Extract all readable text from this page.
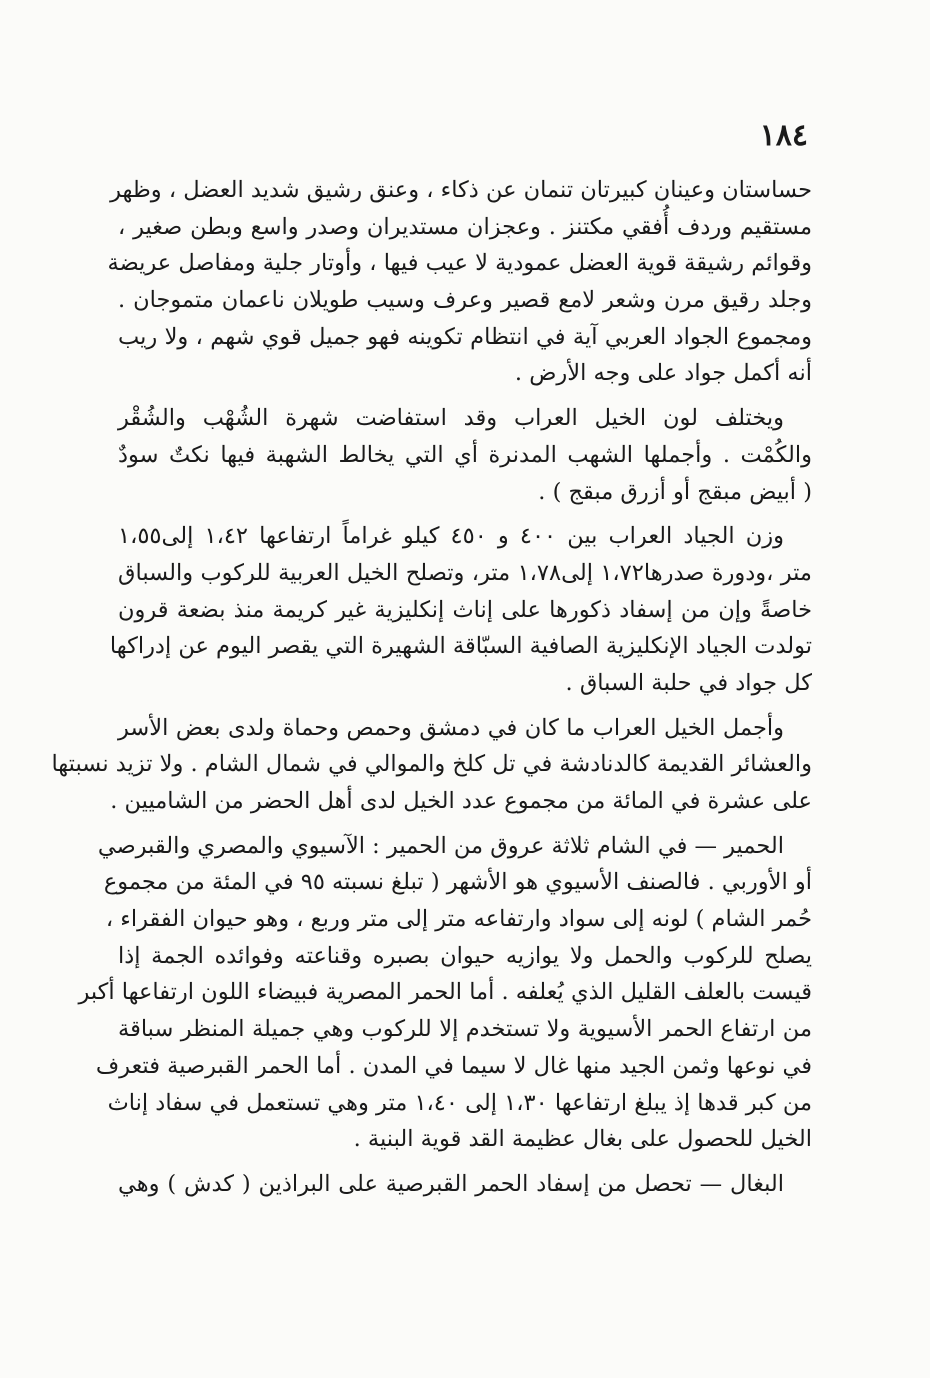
١٨٤
حساستان وعينان كبيرتان تنمان عن ذكاء ، وعنق رشيق شديد العضل ، وظهر
مستقيم وردف أُفقي مكتنز . وعجزان مستديران وصدر واسع وبطن صغير ،
وقوائم رشيقة قوية العضل عمودية لا عيب فيها ، وأوتار جلية ومفاصل عريضة
وجلد رقيق مرن وشعر لامع قصير وعرف وسيب طويلان ناعمان متموجان .
ومجموع الجواد العربي آية في انتظام تكوينه فهو جميل قوي شهم ، ولا ريب
أنه أكمل جواد على وجه الأرض .
ويختلف لون الخيل العراب وقد استفاضت شهرة الشُهْب والشُقْر
والكُمْت . وأجملها الشهب المدنرة أي التي يخالط الشهبة فيها نكتٌ سودٌ
( أبيض مبقج أو أزرق مبقج ) .
وزن الجياد العراب بين ٤٠٠ و ٤٥٠ كيلو غراماً ارتفاعها ١،٤٢ إلى١،٥٥
متر ،ودورة صدرها١،٧٢ إلى١،٧٨ متر، وتصلح الخيل العربية للركوب والسباق
خاصةً وإن من إسفاد ذكورها على إناث إنكليزية غير كريمة منذ بضعة قرون
تولدت الجياد الإنكليزية الصافية السبّاقة الشهيرة التي يقصر اليوم عن إدراكها
كل جواد في حلبة السباق .
وأجمل الخيل العراب ما كان في دمشق وحمص وحماة ولدى بعض الأسر
والعشائر القديمة كالدنادشة في تل كلخ والموالي في شمال الشام . ولا تزيد نسبتها
على عشرة في المائة من مجموع عدد الخيل لدى أهل الحضر من الشاميين .
الحمير — في الشام ثلاثة عروق من الحمير : الآسيوي والمصري والقبرصي
أو الأوربي . فالصنف الأسيوي هو الأشهر ( تبلغ نسبته ٩٥ في المئة من مجموع
حُمر الشام ) لونه إلى سواد وارتفاعه متر إلى متر وربع ، وهو حيوان الفقراء ،
يصلح للركوب والحمل ولا يوازيه حيوان بصبره وقناعته وفوائده الجمة إذا
قيست بالعلف القليل الذي يُعلفه . أما الحمر المصرية فبيضاء اللون ارتفاعها أكبر
من ارتفاع الحمر الأسيوية ولا تستخدم إلا للركوب وهي جميلة المنظر سباقة
في نوعها وثمن الجيد منها غال لا سيما في المدن . أما الحمر القبرصية فتعرف
من كبر قدها إذ يبلغ ارتفاعها ١،٣٠ إلى ١،٤٠ متر وهي تستعمل في سفاد إناث
الخيل للحصول على بغال عظيمة القد قوية البنية .
البغال — تحصل من إسفاد الحمر القبرصية على البراذين ( كدش ) وهي
